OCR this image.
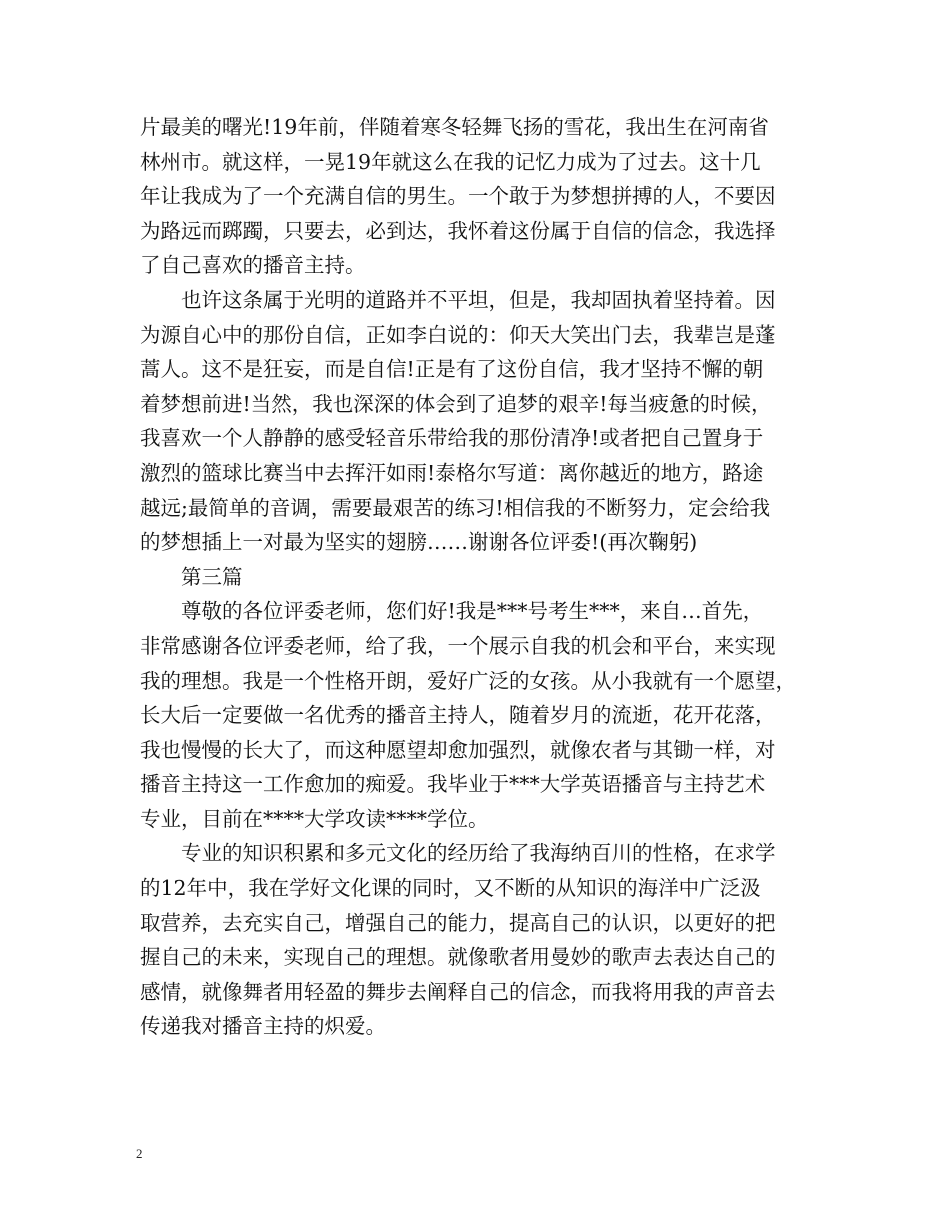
片最美的曙光!19年前，伴随着寒冬轻舞飞扬的雪花，我出生在河南省
林州市。就这样，一晃19年就这么在我的记忆力成为了过去。这十几
年让我成为了一个充满自信的男生。一个敢于为梦想拼搏的人，不要因
为路远而踯躅，只要去，必到达，我怀着这份属于自信的信念，我选择
了自己喜欢的播音主持。
也许这条属于光明的道路并不平坦，但是，我却固执着坚持着。因
为源自心中的那份自信，正如李白说的：仰天大笑出门去，我辈岂是蓬
蒿人。这不是狂妄，而是自信!正是有了这份自信，我才坚持不懈的朝
着梦想前进!当然，我也深深的体会到了追梦的艰辛!每当疲惫的时候，
我喜欢一个人静静的感受轻音乐带给我的那份清净!或者把自己置身于
激烈的篮球比赛当中去挥汗如雨!泰格尔写道：离你越近的地方，路途
越远;最简单的音调，需要最艰苦的练习!相信我的不断努力，定会给我
的梦想插上一对最为坚实的翅膀……谢谢各位评委!(再次鞠躬)
第三篇
尊敬的各位评委老师，您们好!我是***号考生***，来自…首先，
非常感谢各位评委老师，给了我，一个展示自我的机会和平台，来实现
我的理想。我是一个性格开朗，爱好广泛的女孩。从小我就有一个愿望，
长大后一定要做一名优秀的播音主持人，随着岁月的流逝，花开花落，
我也慢慢的长大了，而这种愿望却愈加强烈，就像农者与其锄一样，对
播音主持这一工作愈加的痴爱。我毕业于***大学英语播音与主持艺术
专业，目前在****大学攻读****学位。
专业的知识积累和多元文化的经历给了我海纳百川的性格，在求学
的12年中，我在学好文化课的同时，又不断的从知识的海洋中广泛汲
取营养，去充实自己，增强自己的能力，提高自己的认识，以更好的把
握自己的未来，实现自己的理想。就像歌者用曼妙的歌声去表达自己的
感情，就像舞者用轻盈的舞步去阐释自己的信念，而我将用我的声音去
传递我对播音主持的炽爱。
2
